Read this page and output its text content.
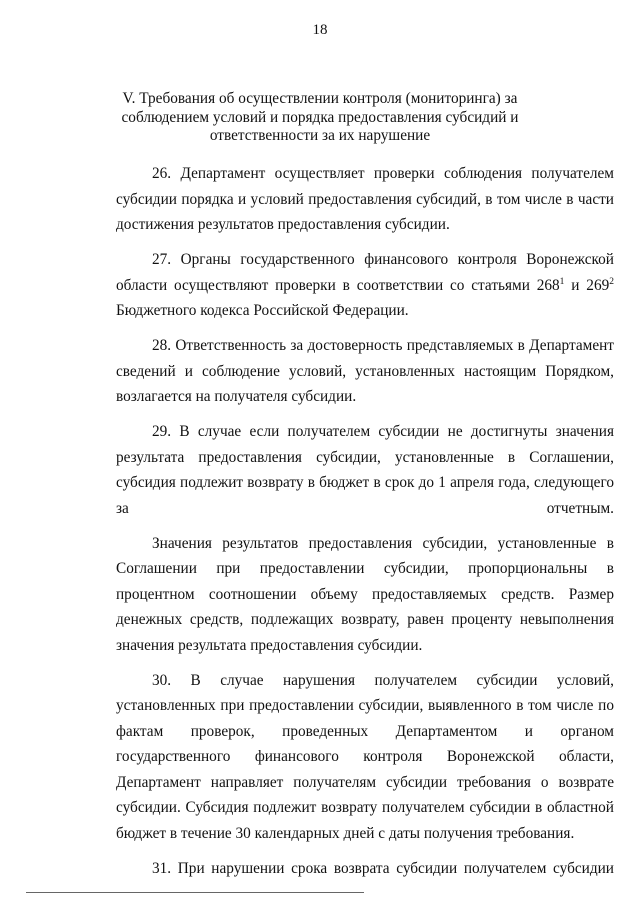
18
V. Требования об осуществлении контроля (мониторинга) за соблюдением условий и порядка предоставления субсидий и ответственности за их нарушение

26. Департамент осуществляет проверки соблюдения получателем субсидии порядка и условий предоставления субсидий, в том числе в части достижения результатов предоставления субсидии.

27. Органы государственного финансового контроля Воронежской области осуществляют проверки в соответствии со статьями $268^1$ и $269^2$ Бюджетного кодекса Российской Федерации.

28. Ответственность за достоверность представляемых в Департамент сведений и соблюдение условий, установленных настоящим Порядком, возлагается на получателя субсидии.

29. В случае если получателем субсидии не достигнуты значения результата предоставления субсидии, установленные в Соглашении, субсидия подлежит возврату в бюджет в срок до 1 апреля года, следующего за отчетным.

Значения результатов предоставления субсидии, установленные в Соглашении при предоставлении субсидии, пропорциональны в процентном соотношении объему предоставляемых средств. Размер денежных средств, подлежащих возврату, равен проценту невыполнения значения результата предоставления субсидии.

30. В случае нарушения получателем субсидии условий, установленных при предоставлении субсидии, выявленного в том числе по фактам проверок, проведенных Департаментом и органом государственного финансового контроля Воронежской области, Департамент направляет получателям субсидии требования о возврате субсидии. Субсидия подлежит возврату получателем субсидии в областной бюджет в течение 30 календарных дней с даты получения требования.

31. При нарушении срока возврата субсидии получателем субсидии
